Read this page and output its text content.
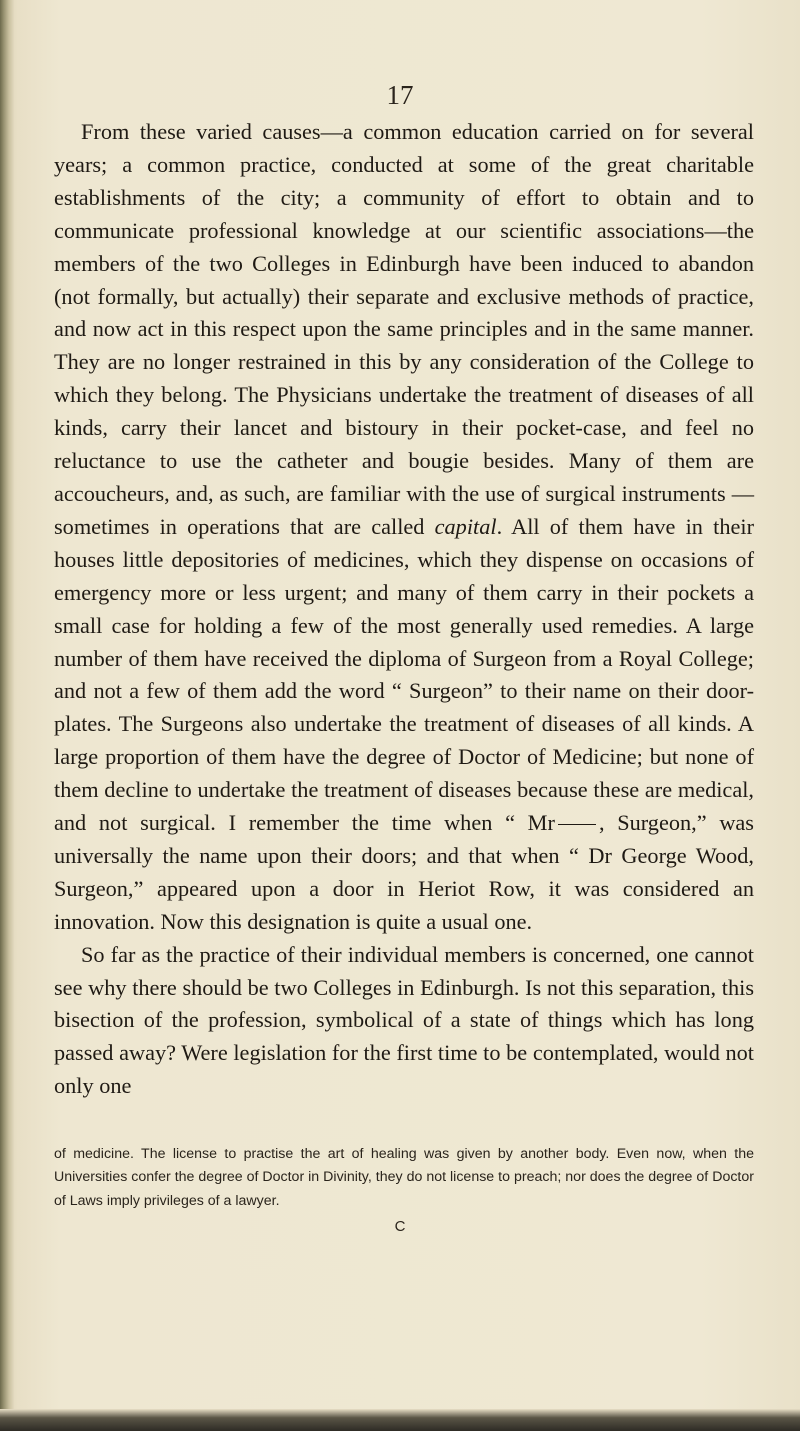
17

From these varied causes—a common education carried on for several years; a common practice, conducted at some of the great charitable establishments of the city; a community of effort to obtain and to communicate professional knowledge at our scientific associations—the members of the two Colleges in Edinburgh have been induced to abandon (not formally, but actually) their separate and exclusive methods of practice, and now act in this respect upon the same principles and in the same manner. They are no longer restrained in this by any consideration of the College to which they belong. The Physicians undertake the treatment of diseases of all kinds, carry their lancet and bistoury in their pocket-case, and feel no reluctance to use the catheter and bougie besides. Many of them are accoucheurs, and, as such, are familiar with the use of surgical instruments —sometimes in operations that are called capital. All of them have in their houses little depositories of medicines, which they dispense on occasions of emergency more or less urgent; and many of them carry in their pockets a small case for holding a few of the most generally used remedies. A large number of them have received the diploma of Surgeon from a Royal College; and not a few of them add the word “ Surgeon” to their name on their door-plates. The Surgeons also undertake the treatment of diseases of all kinds. A large proportion of them have the degree of Doctor of Medicine; but none of them decline to undertake the treatment of diseases because these are medical, and not surgical. I remember the time when “ Mr , Surgeon,” was universally the name upon their doors; and that when “ Dr George Wood, Surgeon,” appeared upon a door in Heriot Row, it was considered an innovation. Now this designation is quite a usual one.

So far as the practice of their individual members is concerned, one cannot see why there should be two Colleges in Edinburgh. Is not this separation, this bisection of the profession, symbolical of a state of things which has long passed away? Were legislation for the first time to be contemplated, would not only one

of medicine. The license to practise the art of healing was given by another body. Even now, when the Universities confer the degree of Doctor in Divinity, they do not license to preach; nor does the degree of Doctor of Laws imply privileges of a lawyer.
C
